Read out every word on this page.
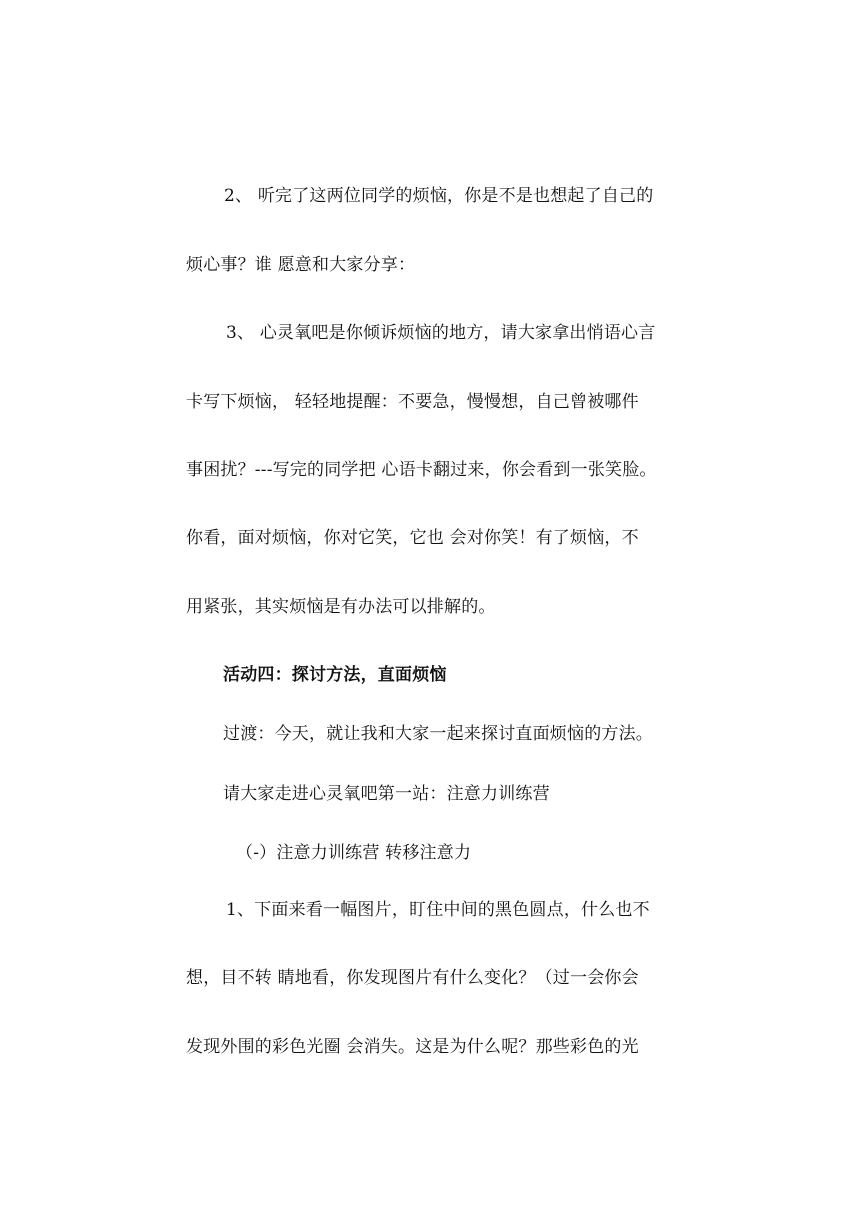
2、 听完了这两位同学的烦恼，你是不是也想起了自己的
烦心事？谁 愿意和大家分享：
3、 心灵氧吧是你倾诉烦恼的地方，请大家拿出悄语心言
卡写下烦恼， 轻轻地提醒：不要急，慢慢想，自己曾被哪件
事困扰？---写完的同学把 心语卡翻过来，你会看到一张笑脸。
你看，面对烦恼，你对它笑，它也 会对你笑！有了烦恼，不
用紧张，其实烦恼是有办法可以排解的。
活动四：探讨方法，直面烦恼
过渡：今天，就让我和大家一起来探讨直面烦恼的方法。
请大家走进心灵氧吧第一站：注意力训练营
（-）注意力训练营 转移注意力
1、下面来看一幅图片，盯住中间的黑色圆点，什么也不
想，目不转 睛地看，你发现图片有什么变化？（过一会你会
发现外围的彩色光圈 会消失。这是为什么呢？那些彩色的光
